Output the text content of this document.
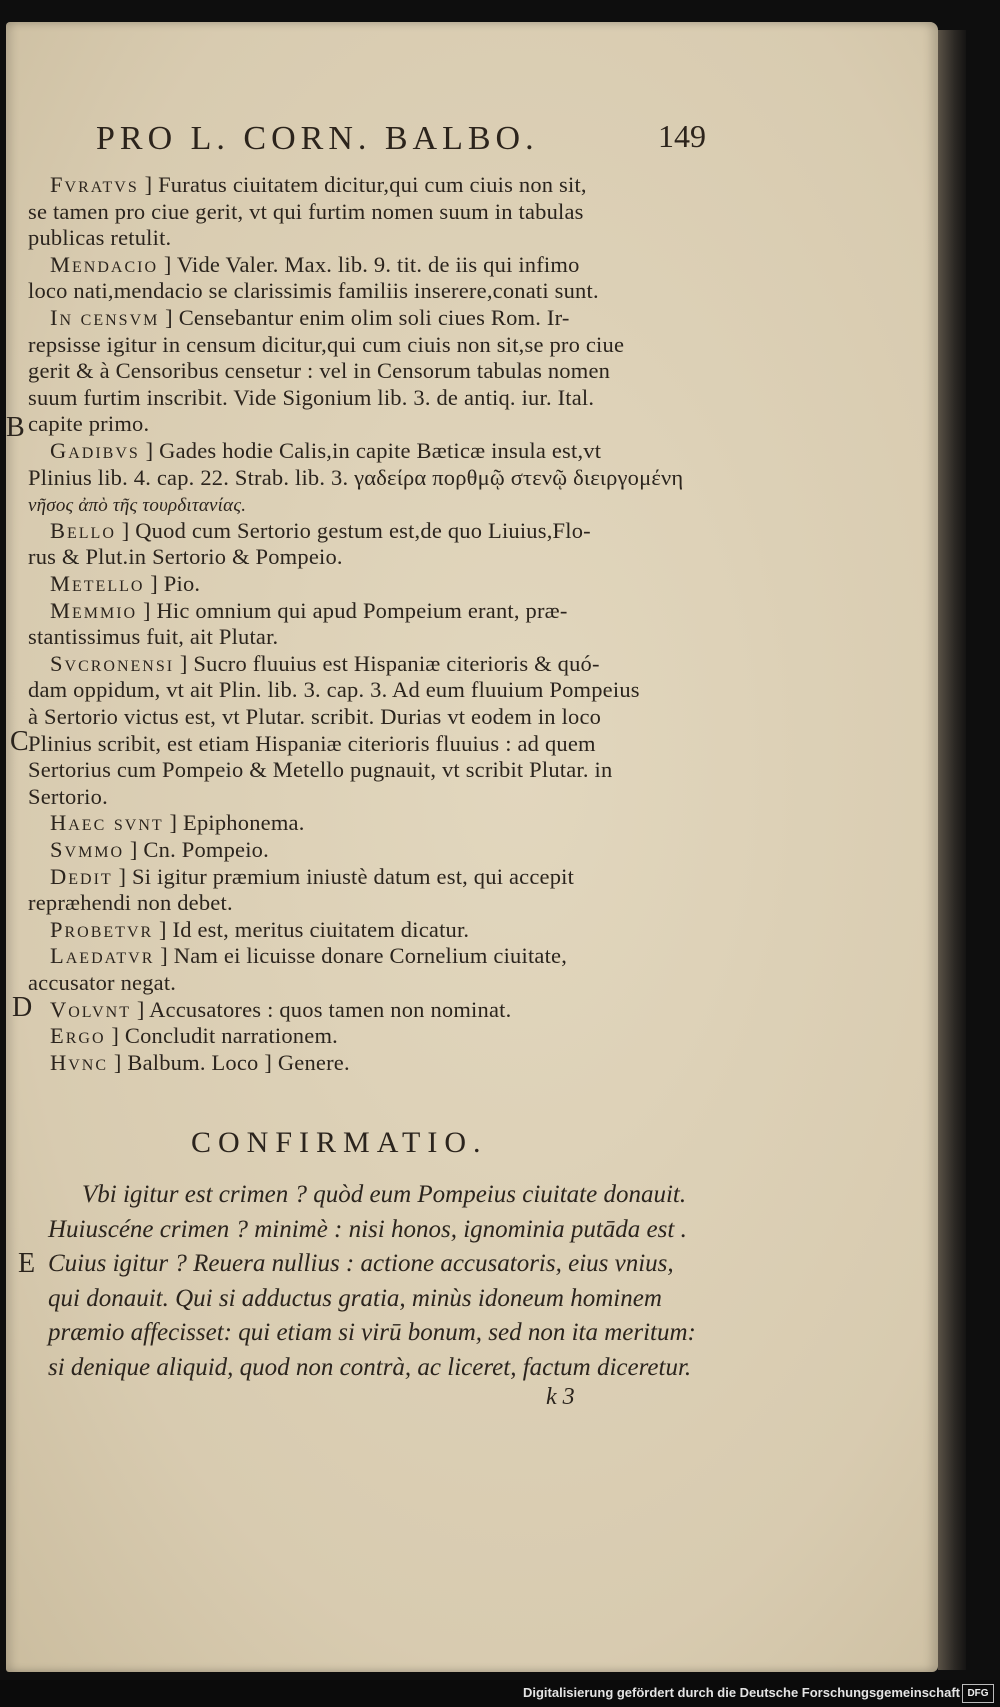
PRO L. CORN. BALBO.	149
Fvratvs ] Furatus ciuitatem dicitur,qui cum ciuis non sit,
se tamen pro ciue gerit, vt qui furtim nomen suum in tabulas
publicas retulit.
Mendacio ] Vide Valer. Max. lib. 9. tit. de iis qui infimo
loco nati,mendacio se clarissimis familiis inserere,conati sunt.
In censvm ] Censebantur enim olim soli ciues Rom. Ir-
repsisse igitur in censum dicitur,qui cum ciuis non sit,se pro ciue
gerit & à Censoribus censetur : vel in Censorum tabulas nomen
suum furtim inscribit. Vide Sigonium lib. 3. de antiq. iur. Ital.
capite primo.
Gadibvs ] Gades hodie Calis,in capite Bæticæ insula est,vt
Plinius lib. 4. cap. 22. Strab. lib. 3. γαδείρα πορθμῷ στενῷ διειργομένη
νῆσος ἀπὸ τῆς τουρδιτανίας.
Bello ] Quod cum Sertorio gestum est,de quo Liuius,Flo-
rus & Plut.in Sertorio & Pompeio.
Metello ] Pio.
Memmio ] Hic omnium qui apud Pompeium erant, præ-
stantissimus fuit, ait Plutar.
Svcronensi ] Sucro fluuius est Hispaniæ citerioris & quó-
dam oppidum, vt ait Plin. lib. 3. cap. 3. Ad eum fluuium Pompeius
à Sertorio victus est, vt Plutar. scribit. Durias vt eodem in loco
Plinius scribit, est etiam Hispaniæ citerioris fluuius : ad quem
Sertorius cum Pompeio & Metello pugnauit, vt scribit Plutar. in
Sertorio.
Haec svnt ] Epiphonema.
Svmmo ] Cn. Pompeio.
Dedit ] Si igitur præmium iniustè datum est, qui accepit
repræhendi non debet.
Probetvr ] Id est, meritus ciuitatem dicatur.
Laedatvr ] Nam ei licuisse donare Cornelium ciuitate,
accusator negat.
Volvnt ] Accusatores : quos tamen non nominat.
Ergo ] Concludit narrationem.
Hvnc ] Balbum. Loco ] Genere.
B
C
D
E
CONFIRMATIO.
Vbi igitur est crimen ? quòd eum Pompeius ciuitate donauit.
Huiuscéne crimen ? minimè : nisi honos, ignominia putāda est .
Cuius igitur ? Reuera nullius : actione accusatoris, eius vnius,
qui donauit. Qui si adductus gratia, minùs idoneum hominem
præmio affecisset: qui etiam si virū bonum, sed non ita meritum:
si denique aliquid, quod non contrà, ac liceret, factum diceretur.
k 3
Digitalisierung gefördert durch die Deutsche Forschungsgemeinschaft DFG
